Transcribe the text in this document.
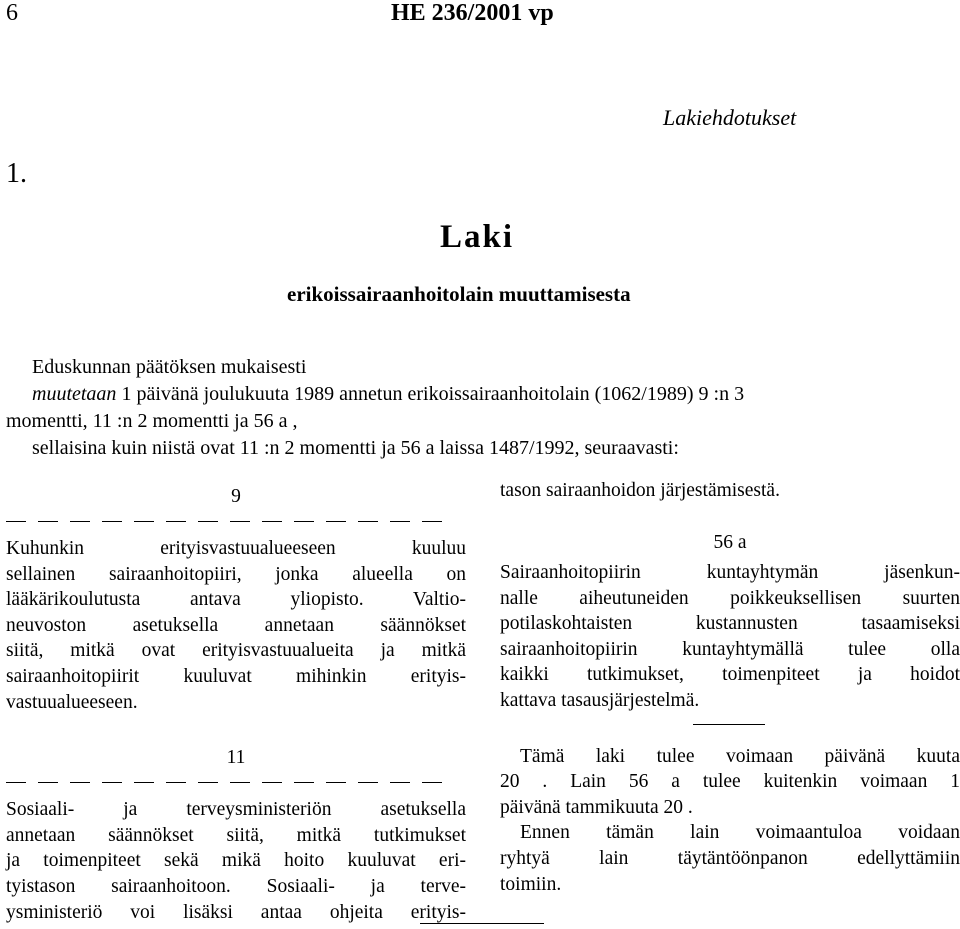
6	HE 236/2001 vp
Lakiehdotukset
1.
Laki
erikoissairaanhoitolain muuttamisesta
Eduskunnan päätöksen mukaisesti
muutetaan 1 päivänä joulukuuta 1989 annetun erikoissairaanhoitolain (1062/1989) 9 :n 3
momentti, 11 :n 2 momentti ja 56 a ,
sellaisina kuin niistä ovat 11 :n 2 momentti ja 56 a laissa 1487/1992, seuraavasti:
9

Kuhunkin erityisvastuualueeseen kuuluu
sellainen sairaanhoitopiiri, jonka alueella on
lääkärikoulutusta antava yliopisto. Valtio-
neuvoston asetuksella annetaan säännökset
siitä, mitkä ovat erityisvastuualueita ja mitkä
sairaanhoitopiirit kuuluvat mihinkin erityis-
vastuualueeseen.

11

Sosiaali- ja terveysministeriön asetuksella
annetaan säännökset siitä, mitkä tutkimukset
ja toimenpiteet sekä mikä hoito kuuluvat eri-
tyistason sairaanhoitoon. Sosiaali- ja terve-
ysministeriö voi lisäksi antaa ohjeita erityis-

tason sairaanhoidon järjestämisestä.
56 a

Sairaanhoitopiirin kuntayhtymän jäsenkun-
nalle aiheutuneiden poikkeuksellisen suurten
potilaskohtaisten kustannusten tasaamiseksi
sairaanhoitopiirin kuntayhtymällä tulee olla
kaikki tutkimukset, toimenpiteet ja hoidot
kattava tasausjärjestelmä.

Tämä laki tulee voimaan päivänä kuuta
20 . Lain 56 a tulee kuitenkin voimaan 1
päivänä tammikuuta 20 .

Ennen tämän lain voimaantuloa voidaan
ryhtyä lain täytäntöönpanon edellyttämiin
toimiin.
